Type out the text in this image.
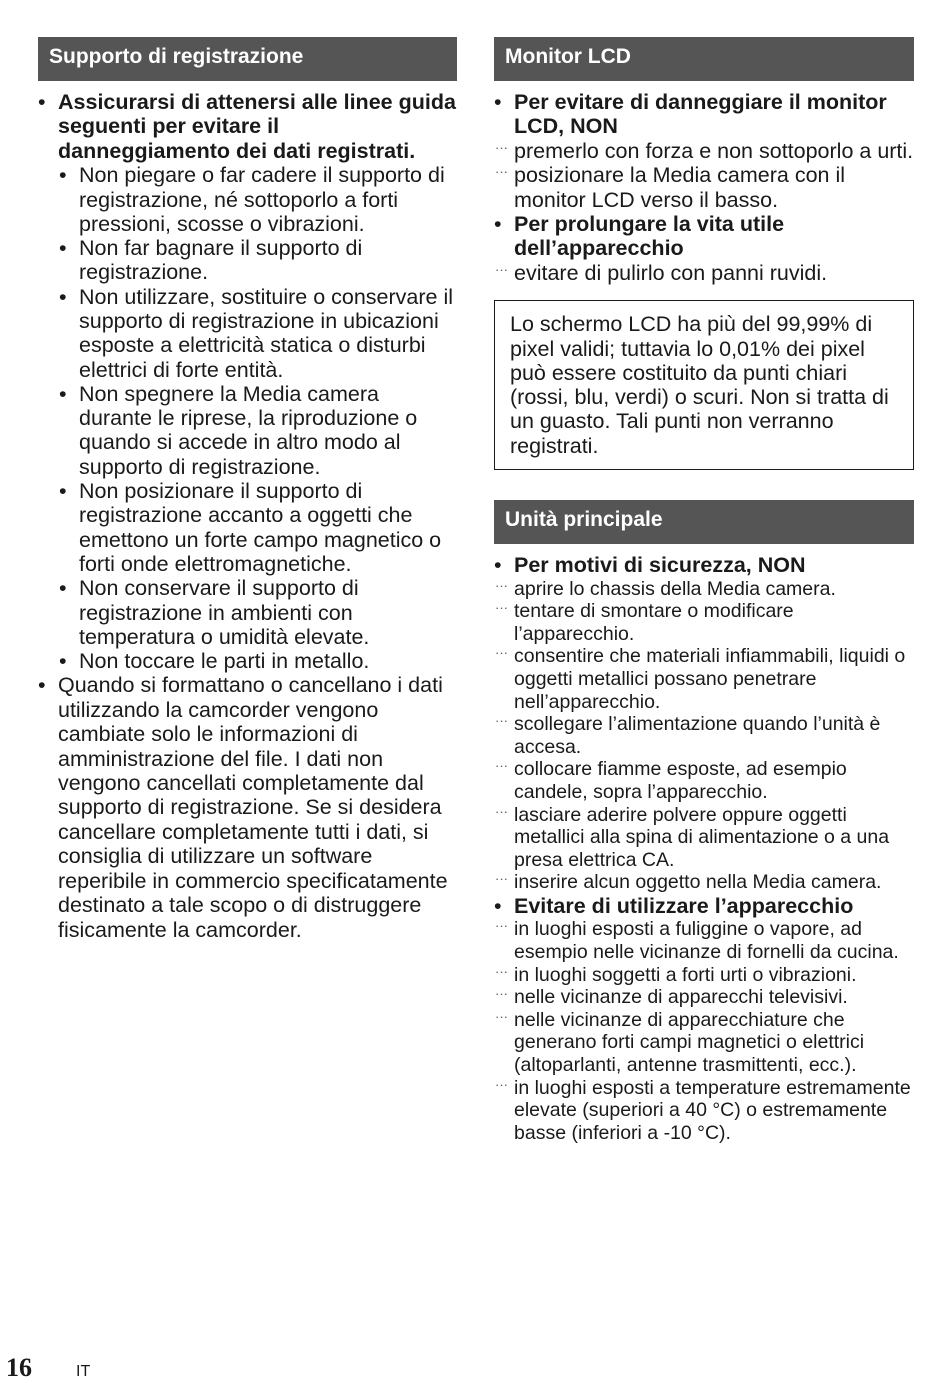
Supporto di registrazione
• Assicurarsi di attenersi alle linee guida seguenti per evitare il danneggiamento dei dati registrati.
• Non piegare o far cadere il supporto di registrazione, né sottoporlo a forti pressioni, scosse o vibrazioni.
• Non far bagnare il supporto di registrazione.
• Non utilizzare, sostituire o conservare il supporto di registrazione in ubicazioni esposte a elettricità statica o disturbi elettrici di forte entità.
• Non spegnere la Media camera durante le riprese, la riproduzione o quando si accede in altro modo al supporto di registrazione.
• Non posizionare il supporto di registrazione accanto a oggetti che emettono un forte campo magnetico o forti onde elettromagnetiche.
• Non conservare il supporto di registrazione in ambienti con temperatura o umidità elevate.
• Non toccare le parti in metallo.
• Quando si formattano o cancellano i dati utilizzando la camcorder vengono cambiate solo le informazioni di amministrazione del file. I dati non vengono cancellati completamente dal supporto di registrazione. Se si desidera cancellare completamente tutti i dati, si consiglia di utilizzare un software reperibile in commercio specificatamente destinato a tale scopo o di distruggere fisicamente la camcorder.
Monitor LCD
• Per evitare di danneggiare il monitor LCD, NON
··· premerlo con forza e non sottoporlo a urti.
··· posizionare la Media camera con il monitor LCD verso il basso.
• Per prolungare la vita utile dell’apparecchio
··· evitare di pulirlo con panni ruvidi.
Lo schermo LCD ha più del 99,99% di pixel validi; tuttavia lo 0,01% dei pixel può essere costituito da punti chiari (rossi, blu, verdi) o scuri. Non si tratta di un guasto. Tali punti non verranno registrati.
Unità principale
• Per motivi di sicurezza, NON
··· aprire lo chassis della Media camera.
··· tentare di smontare o modificare l’apparecchio.
··· consentire che materiali infiammabili, liquidi o oggetti metallici possano penetrare nell’apparecchio.
··· scollegare l’alimentazione quando l’unità è accesa.
··· collocare fiamme esposte, ad esempio candele, sopra l’apparecchio.
··· lasciare aderire polvere oppure oggetti metallici alla spina di alimentazione o a una presa elettrica CA.
··· inserire alcun oggetto nella Media camera.
• Evitare di utilizzare l’apparecchio
··· in luoghi esposti a fuliggine o vapore, ad esempio nelle vicinanze di fornelli da cucina.
··· in luoghi soggetti a forti urti o vibrazioni.
··· nelle vicinanze di apparecchi televisivi.
··· nelle vicinanze di apparecchiature che generano forti campi magnetici o elettrici (altoparlanti, antenne trasmittenti, ecc.).
··· in luoghi esposti a temperature estremamente elevate (superiori a 40 °C) o estremamente basse (inferiori a -10 °C).
16	IT
